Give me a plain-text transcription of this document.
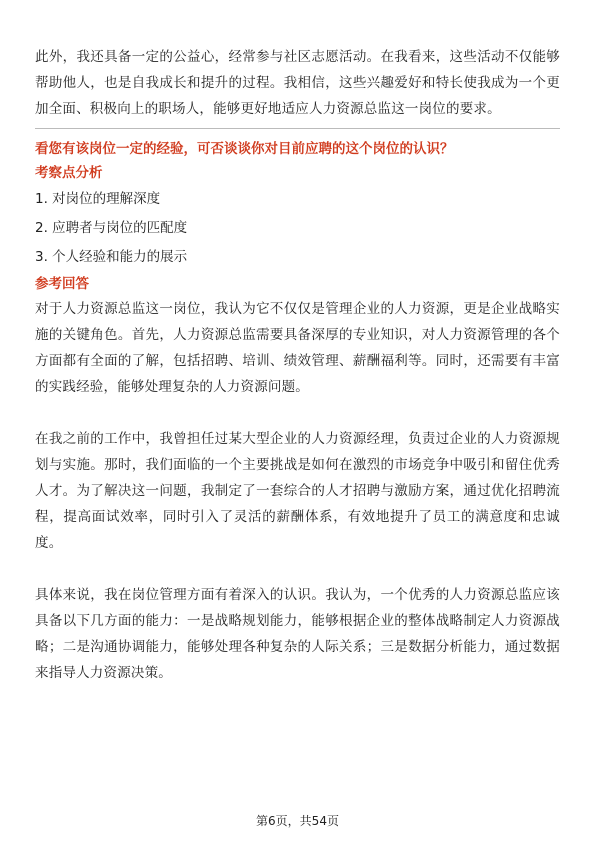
此外，我还具备一定的公益心，经常参与社区志愿活动。在我看来，这些活动不仅能够帮助他人，也是自我成长和提升的过程。我相信，这些兴趣爱好和特长使我成为一个更加全面、积极向上的职场人，能够更好地适应人力资源总监这一岗位的要求。

看您有该岗位一定的经验，可否谈谈你对目前应聘的这个岗位的认识？

考察点分析

1. 对岗位的理解深度

2. 应聘者与岗位的匹配度

3. 个人经验和能力的展示

参考回答

对于人力资源总监这一岗位，我认为它不仅仅是管理企业的人力资源，更是企业战略实施的关键角色。首先，人力资源总监需要具备深厚的专业知识，对人力资源管理的各个方面都有全面的了解，包括招聘、培训、绩效管理、薪酬福利等。同时，还需要有丰富的实践经验，能够处理复杂的人力资源问题。

在我之前的工作中，我曾担任过某大型企业的人力资源经理，负责过企业的人力资源规划与实施。那时，我们面临的一个主要挑战是如何在激烈的市场竞争中吸引和留住优秀人才。为了解决这一问题，我制定了一套综合的人才招聘与激励方案，通过优化招聘流程，提高面试效率，同时引入了灵活的薪酬体系，有效地提升了员工的满意度和忠诚度。

具体来说，我在岗位管理方面有着深入的认识。我认为，一个优秀的人力资源总监应该具备以下几方面的能力：一是战略规划能力，能够根据企业的整体战略制定人力资源战略；二是沟通协调能力，能够处理各种复杂的人际关系；三是数据分析能力，通过数据来指导人力资源决策。

第6页，共54页
